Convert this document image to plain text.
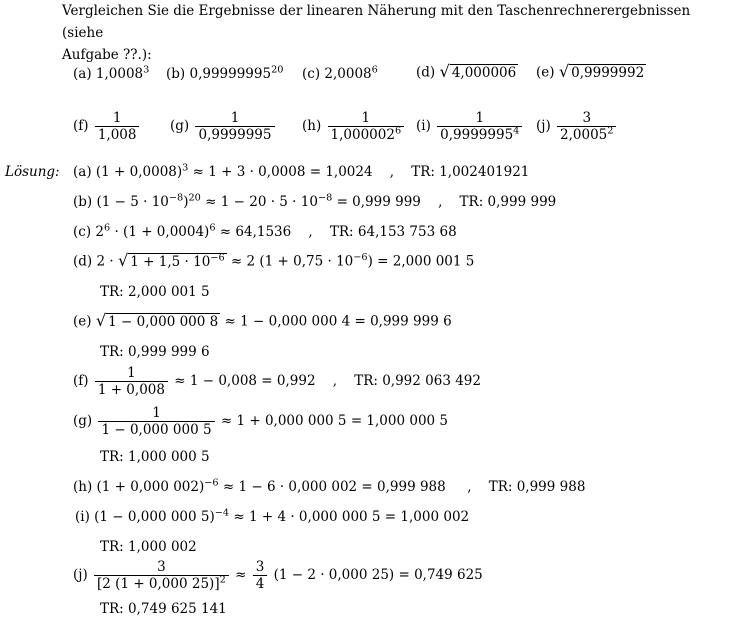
Vergleichen Sie die Ergebnisse der linearen Näherung mit den Taschenrechnerergebnissen (siehe
Aufgabe ??.):
(a) 1,0008$^3$ (b) 0,99999995$^{20}$ (c) 2,0008$^6$	(d) √ 4,000006 (e) √ 0,9999992
$(f) \frac{1}{1,008} (g) \frac{1}{0,9999995} (h) \frac{1}{1,000002^6} (i) \frac{1}{0,9999995^4} (j) \frac{3}{2,0005^2}$
Lösung: (a) $(1 + 0,0008)^3 \approx 1 + 3 \cdot 0,0008 = 1,0024$ , TR: 1,002401921
(b) $(1 - 5 \cdot 10^{-8})^{20} \approx 1 - 20 \cdot 5 \cdot 10^{-8} = 0,999$ 999 , TR: 0,999 999
(c) $2^6 \cdot (1 + 0,0004)^6 \approx 64,1536$ , TR: 64,153 753 68
(d) 2 · √ $1 + 1,5 \cdot 10^{-6} \approx 2$ $(1 + 0,75 \cdot 10^{-6}) = 2,000$ 001 5
TR: 2,000 001 5
(e) √ 1 − 0,000 000 8 ≈ 1 − 0,000 000 4 = 0,999 999 6
TR: 0,999 999 6
$(f) \frac{1}{1 + 0,008} \approx 1 - 0,008 = 0,992$ , TR: 0,992 063 492
$(g) \frac{1}{1 - 0,000 000 5} \approx 1 + 0,000$ 000 5 = 1,000 000 5
TR: 1,000 000 5
(h) (1 + 0,000 002)$^{-6}$ ≈ 1 − 6 · 0,000 002 = 0,999 988 , TR: 0,999 988
(i) (1 − 0,000 000 5)$^{-4}$ ≈ 1 + 4 · 0,000 000 5 = 1,000 002
TR: 1,000 002
$(j) \frac{3}{[2 (1 + 0,000 25)]^2} \approx \frac{3}{4} (1 - 2 \cdot 0,000$ 25) = 0,749 625
TR: 0,749 625 141
